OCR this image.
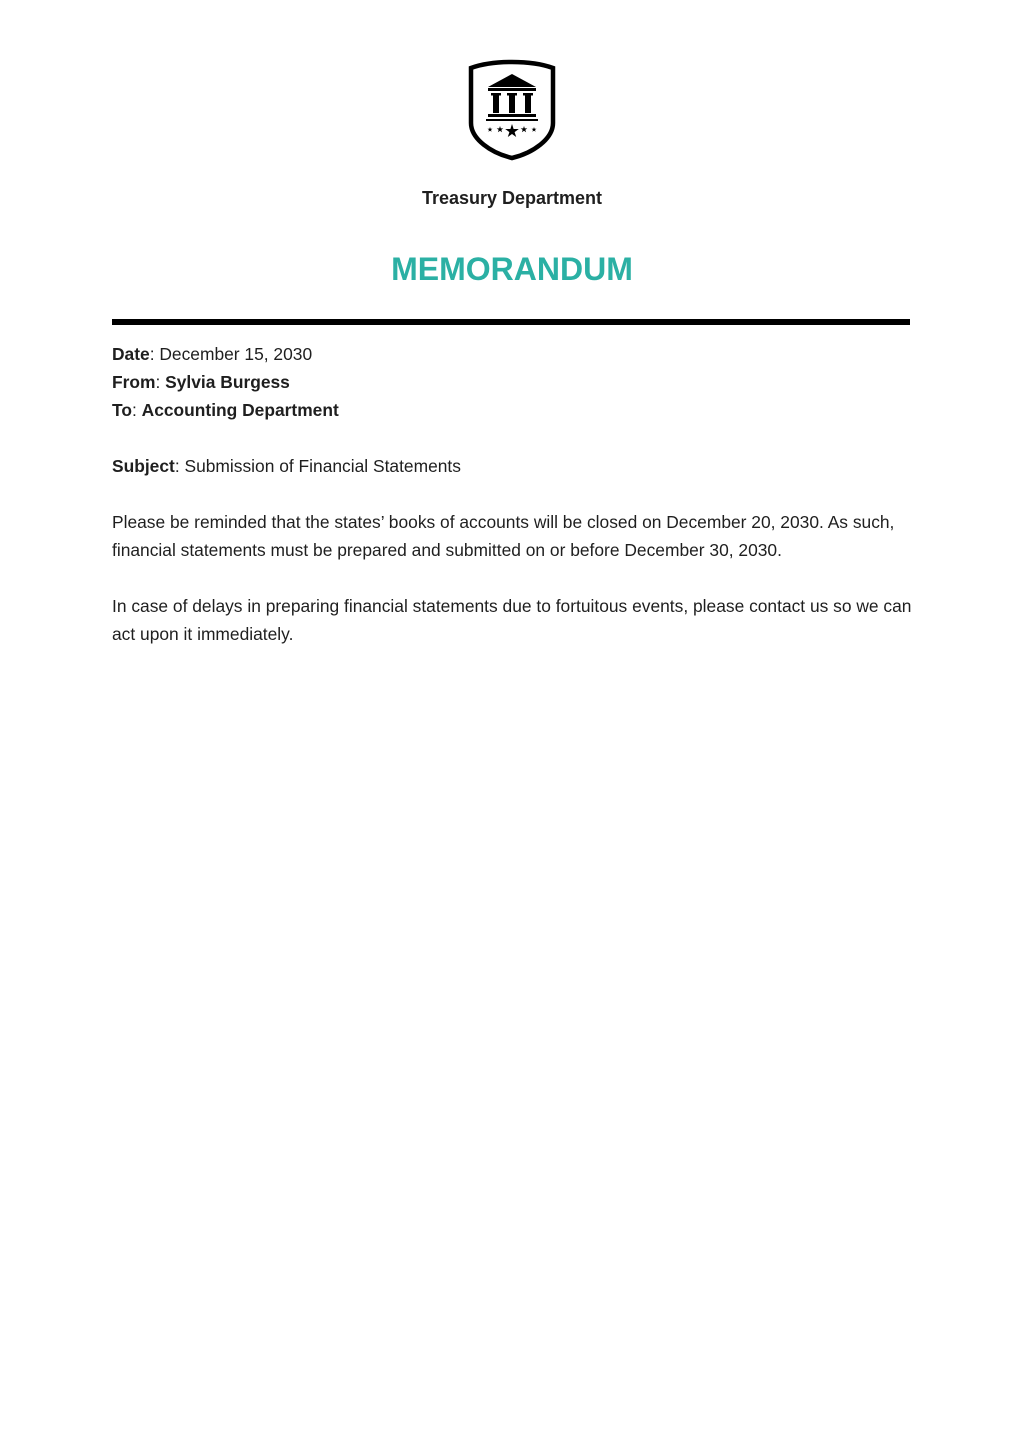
Treasury Department
MEMORANDUM
Date: December 15, 2030
From: Sylvia Burgess
To: Accounting Department
Subject: Submission of Financial Statements

Please be reminded that the states’ books of accounts will be closed on December 20, 2030. As such, financial statements must be prepared and submitted on or before December 30, 2030.

In case of delays in preparing financial statements due to fortuitous events, please contact us so we can act upon it immediately.
